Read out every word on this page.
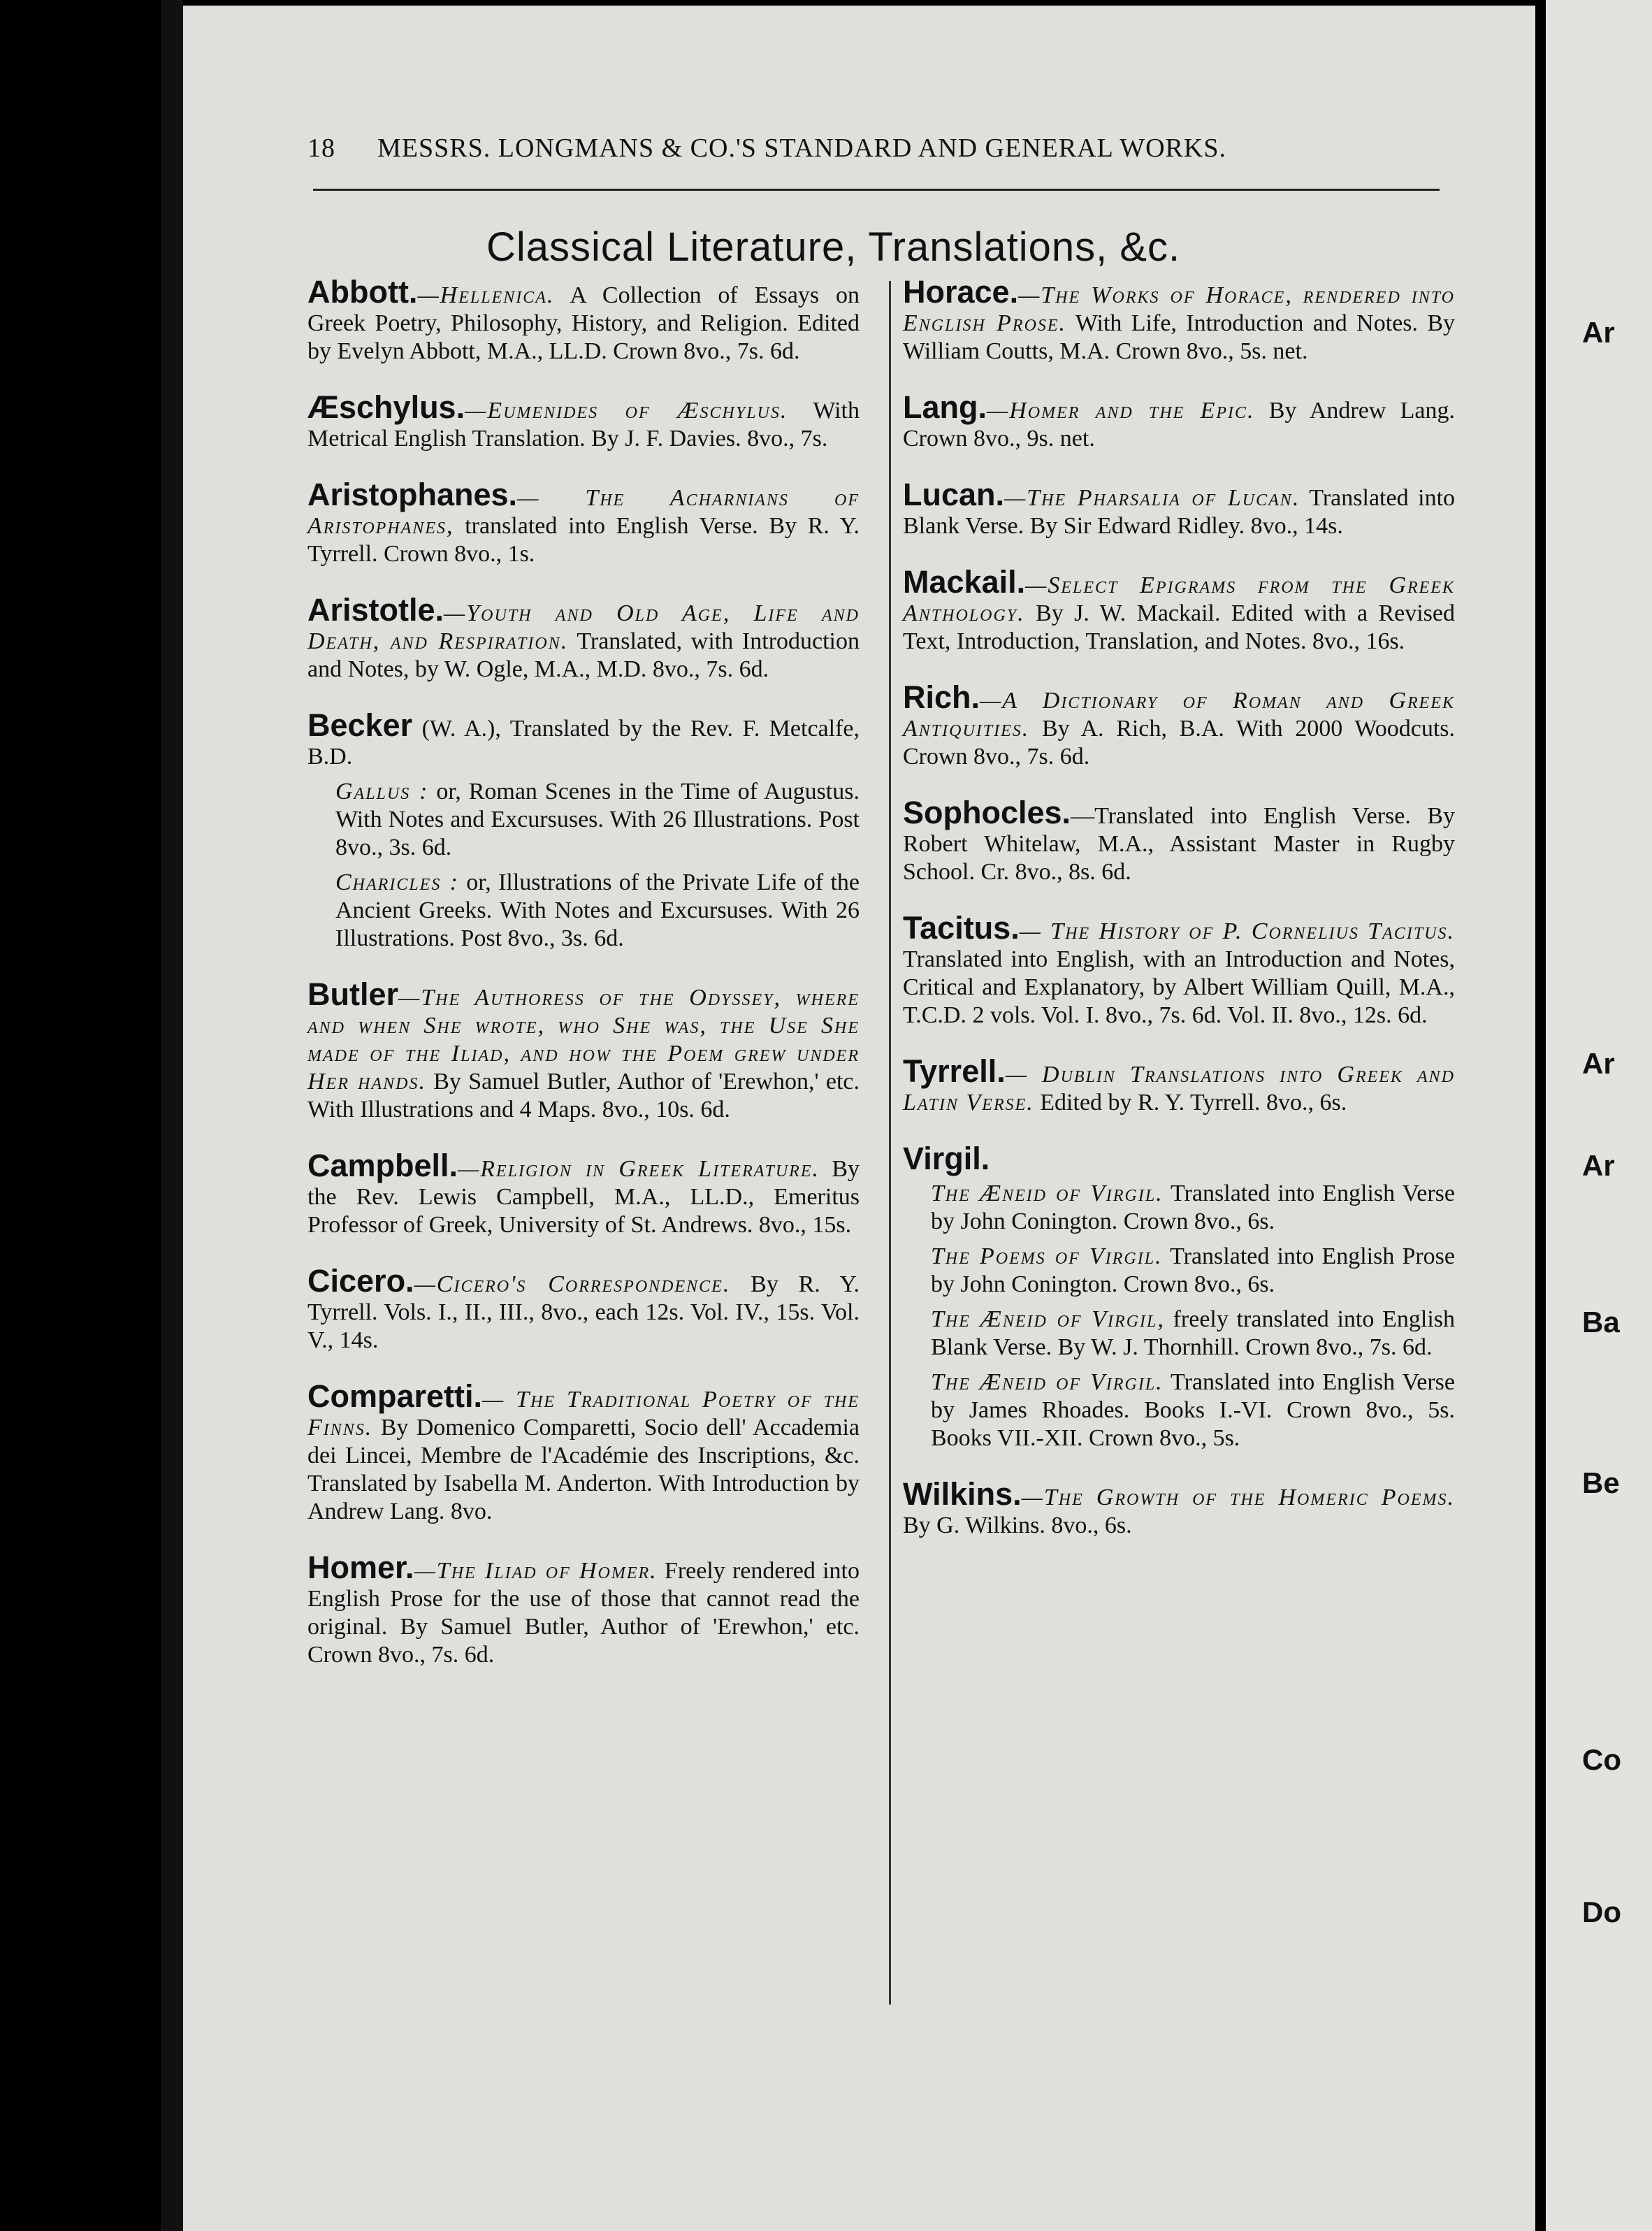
Ar
Ar
Ar
Ba
Be
Co
Do
18 MESSRS. LONGMANS & CO.'S STANDARD AND GENERAL WORKS.
Classical Literature, Translations, &c.
Abbott.—Hellenica. A Collection of Essays on Greek Poetry, Philosophy, History, and Religion. Edited by Evelyn Abbott, M.A., LL.D. Crown 8vo., 7s. 6d.
Æschylus.—Eumenides of Æschylus. With Metrical English Translation. By J. F. Davies. 8vo., 7s.
Aristophanes.— The Acharnians of Aristophanes, translated into English Verse. By R. Y. Tyrrell. Crown 8vo., 1s.
Aristotle.—Youth and Old Age, Life and Death, and Respiration. Translated, with Introduction and Notes, by W. Ogle, M.A., M.D. 8vo., 7s. 6d.
Becker (W. A.), Translated by the Rev. F. Metcalfe, B.D.
Gallus : or, Roman Scenes in the Time of Augustus. With Notes and Excursuses. With 26 Illustrations. Post 8vo., 3s. 6d.
Charicles : or, Illustrations of the Private Life of the Ancient Greeks. With Notes and Excursuses. With 26 Illustrations. Post 8vo., 3s. 6d.
Butler—The Authoress of the Odyssey, where and when She wrote, who She was, the Use She made of the Iliad, and how the Poem grew under Her hands. By Samuel Butler, Author of 'Erewhon,' etc. With Illustrations and 4 Maps. 8vo., 10s. 6d.
Campbell.—Religion in Greek Literature. By the Rev. Lewis Campbell, M.A., LL.D., Emeritus Professor of Greek, University of St. Andrews. 8vo., 15s.
Cicero.—Cicero's Correspondence. By R. Y. Tyrrell. Vols. I., II., III., 8vo., each 12s. Vol. IV., 15s. Vol. V., 14s.
Comparetti.— The Traditional Poetry of the Finns. By Domenico Comparetti, Socio dell' Accademia dei Lincei, Membre de l'Académie des Inscriptions, &c. Translated by Isabella M. Anderton. With Introduction by Andrew Lang. 8vo.
Homer.—The Iliad of Homer. Freely rendered into English Prose for the use of those that cannot read the original. By Samuel Butler, Author of 'Erewhon,' etc. Crown 8vo., 7s. 6d.
Horace.—The Works of Horace, rendered into English Prose. With Life, Introduction and Notes. By William Coutts, M.A. Crown 8vo., 5s. net.
Lang.—Homer and the Epic. By Andrew Lang. Crown 8vo., 9s. net.
Lucan.—The Pharsalia of Lucan. Translated into Blank Verse. By Sir Edward Ridley. 8vo., 14s.
Mackail.—Select Epigrams from the Greek Anthology. By J. W. Mackail. Edited with a Revised Text, Introduction, Translation, and Notes. 8vo., 16s.
Rich.—A Dictionary of Roman and Greek Antiquities. By A. Rich, B.A. With 2000 Woodcuts. Crown 8vo., 7s. 6d.
Sophocles.—Translated into English Verse. By Robert Whitelaw, M.A., Assistant Master in Rugby School. Cr. 8vo., 8s. 6d.
Tacitus.— The History of P. Cornelius Tacitus. Translated into English, with an Introduction and Notes, Critical and Explanatory, by Albert William Quill, M.A., T.C.D. 2 vols. Vol. I. 8vo., 7s. 6d. Vol. II. 8vo., 12s. 6d.
Tyrrell.— Dublin Translations into Greek and Latin Verse. Edited by R. Y. Tyrrell. 8vo., 6s.
Virgil.
The Æneid of Virgil. Translated into English Verse by John Conington. Crown 8vo., 6s.
The Poems of Virgil. Translated into English Prose by John Conington. Crown 8vo., 6s.
The Æneid of Virgil, freely translated into English Blank Verse. By W. J. Thornhill. Crown 8vo., 7s. 6d.
The Æneid of Virgil. Translated into English Verse by James Rhoades. Books I.-VI. Crown 8vo., 5s. Books VII.-XII. Crown 8vo., 5s.
Wilkins.—The Growth of the Homeric Poems. By G. Wilkins. 8vo., 6s.
